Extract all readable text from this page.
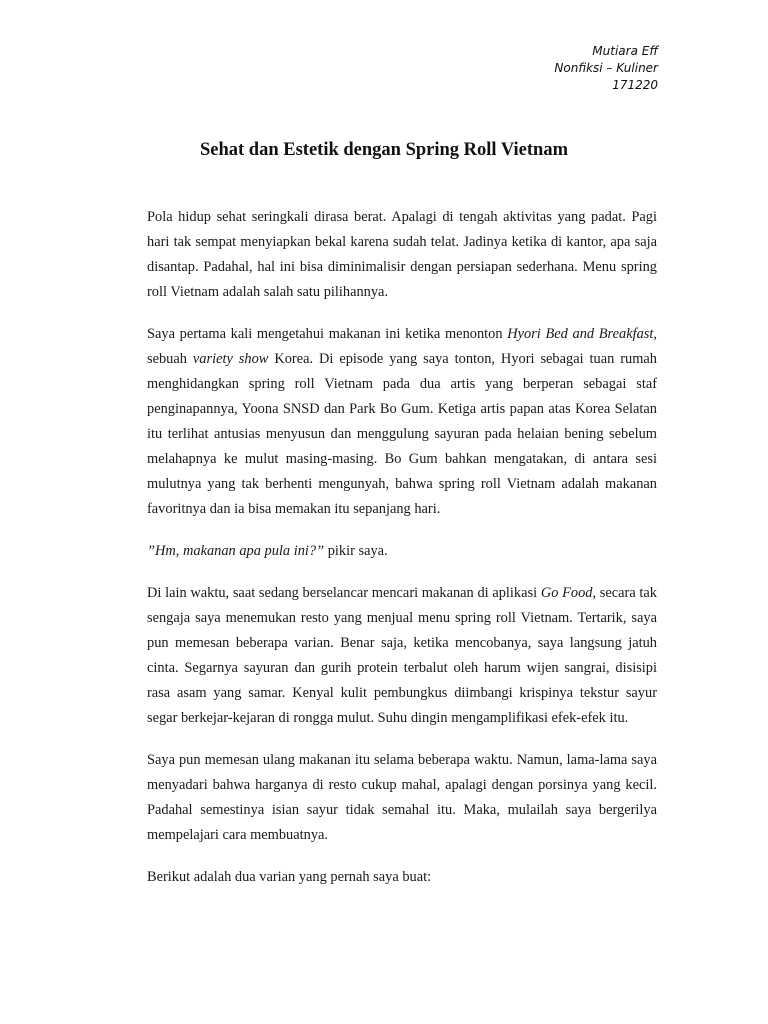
Mutiara Eff
Nonfiksi – Kuliner
171220
Sehat dan Estetik dengan Spring Roll Vietnam

Pola hidup sehat seringkali dirasa berat. Apalagi di tengah aktivitas yang padat. Pagi hari tak sempat menyiapkan bekal karena sudah telat. Jadinya ketika di kantor, apa saja disantap. Padahal, hal ini bisa diminimalisir dengan persiapan sederhana. Menu spring roll Vietnam adalah salah satu pilihannya.

Saya pertama kali mengetahui makanan ini ketika menonton Hyori Bed and Breakfast, sebuah variety show Korea. Di episode yang saya tonton, Hyori sebagai tuan rumah menghidangkan spring roll Vietnam pada dua artis yang berperan sebagai staf penginapannya, Yoona SNSD dan Park Bo Gum. Ketiga artis papan atas Korea Selatan itu terlihat antusias menyusun dan menggulung sayuran pada helaian bening sebelum melahapnya ke mulut masing-masing. Bo Gum bahkan mengatakan, di antara sesi mulutnya yang tak berhenti mengunyah, bahwa spring roll Vietnam adalah makanan favoritnya dan ia bisa memakan itu sepanjang hari.

”Hm, makanan apa pula ini?” pikir saya.

Di lain waktu, saat sedang berselancar mencari makanan di aplikasi Go Food, secara tak sengaja saya menemukan resto yang menjual menu spring roll Vietnam. Tertarik, saya pun memesan beberapa varian. Benar saja, ketika mencobanya, saya langsung jatuh cinta. Segarnya sayuran dan gurih protein terbalut oleh harum wijen sangrai, disisipi rasa asam yang samar. Kenyal kulit pembungkus diimbangi krispinya tekstur sayur segar berkejar-kejaran di rongga mulut. Suhu dingin mengamplifikasi efek-efek itu.

Saya pun memesan ulang makanan itu selama beberapa waktu. Namun, lama-lama saya menyadari bahwa harganya di resto cukup mahal, apalagi dengan porsinya yang kecil. Padahal semestinya isian sayur tidak semahal itu. Maka, mulailah saya bergerilya mempelajari cara membuatnya.

Berikut adalah dua varian yang pernah saya buat:
